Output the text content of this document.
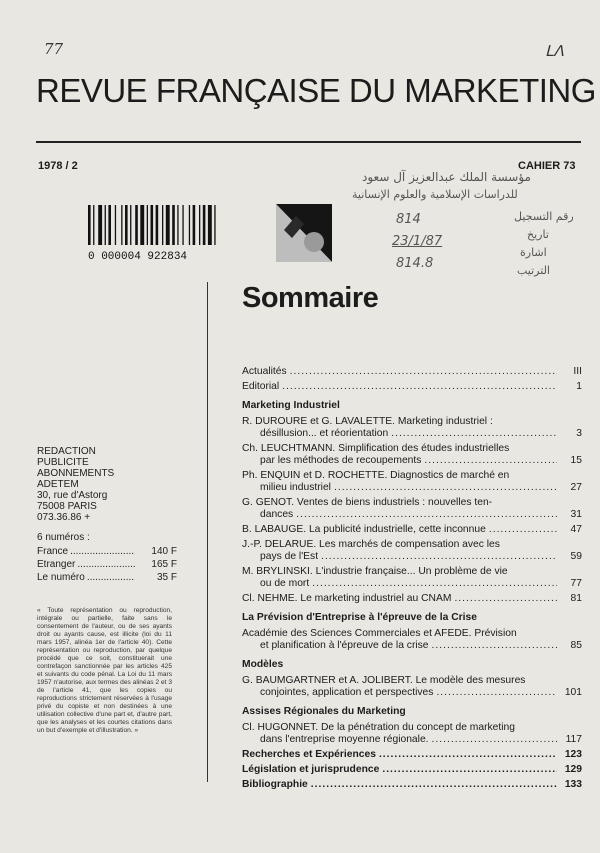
77	ᒪᐱ
REVUE FRANÇAISE DU MARKETING
1978 / 2	CAHIER 73
مؤسسة الملك عبدالعزيز آل سعود
للدراسات الإسلامية والعلوم الإنسانية
814
23/1/87
814.8
رقم التسجيل
تاريخ
اشارة
الترتيب
0 000004 922834
Sommaire
Actualités .....	III
Editorial .....	1
Marketing Industriel
R. DUROURE et G. LAVALETTE. Marketing industriel :
désillusion... et réorientation .....	3
Ch. LEUCHTMANN. Simplification des études industrielles
par les méthodes de recoupements .....	15
Ph. ENQUIN et D. ROCHETTE. Diagnostics de marché en
milieu industriel .....	27
G. GENOT. Ventes de biens industriels : nouvelles ten-
dances .....	31
B. LABAUGE. La publicité industrielle, cette inconnue .....	47
J.-P. DELARUE. Les marchés de compensation avec les
pays de l'Est .....	59
M. BRYLINSKI. L'industrie française... Un problème de vie
ou de mort .....	77
Cl. NEHME. Le marketing industriel au CNAM .....	81
La Prévision d'Entreprise à l'épreuve de la Crise
Académie des Sciences Commerciales et AFEDE. Prévision
et planification à l'épreuve de la crise .....	85
Modèles
G. BAUMGARTNER et A. JOLIBERT. Le modèle des mesures
conjointes, application et perspectives .....	101
Assises Régionales du Marketing
Cl. HUGONNET. De la pénétration du concept de marketing
dans l'entreprise moyenne régionale. .....	117
Recherches et Expériences .....	123
Législation et jurisprudence .....	129
Bibliographie .....	133
REDACTION
PUBLICITE
ABONNEMENTS
ADETEM
30, rue d'Astorg
75008 PARIS
073.36.86 +
6 numéros :
France .....	140 F
Etranger .....	165 F
Le numéro .....	35 F
« Toute représentation ou reproduction, intégrale ou partielle, faite sans le consentement de l'auteur, ou de ses ayants droit ou ayants cause, est illicite (loi du 11 mars 1957, alinéa 1er de l'article 40). Cette représentation ou reproduction, par quelque procédé que ce soit, constituerait une contrefaçon sanctionnée par les articles 425 et suivants du code pénal. La Loi du 11 mars 1957 n'autorise, aux termes des alinéas 2 et 3 de l'article 41, que les copies ou reproductions strictement réservées à l'usage privé du copiste et non destinées à une utilisation collective d'une part et, d'autre part, que les analyses et les courtes citations dans un but d'exemple et d'illustration. »
